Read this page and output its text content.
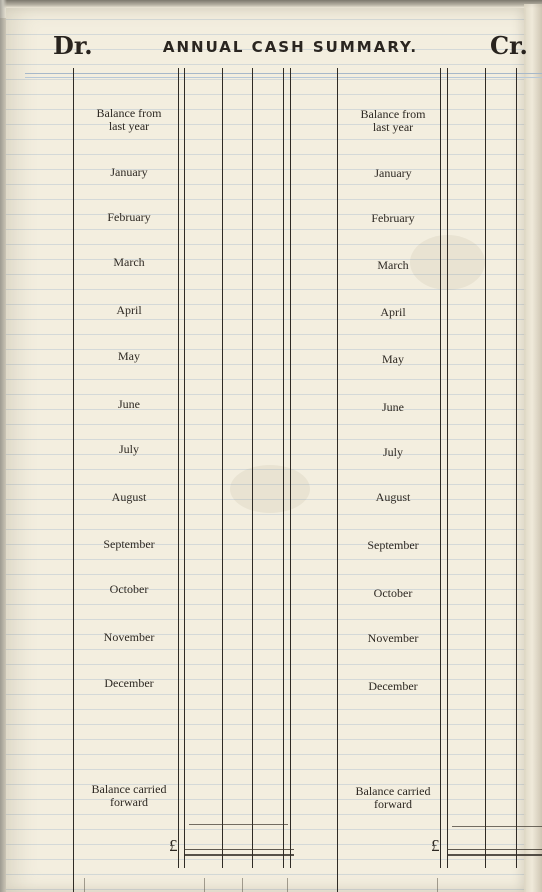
Dr.	ANNUAL CASH SUMMARY.	Cr.
Balance from
last year
January
February
March
April
May
June
July
August
September
October
November
December
Balance carried
forward
£
Balance from
last year
January
February
March
April
May
June
July
August
September
October
November
December
Balance carried
forward
£
